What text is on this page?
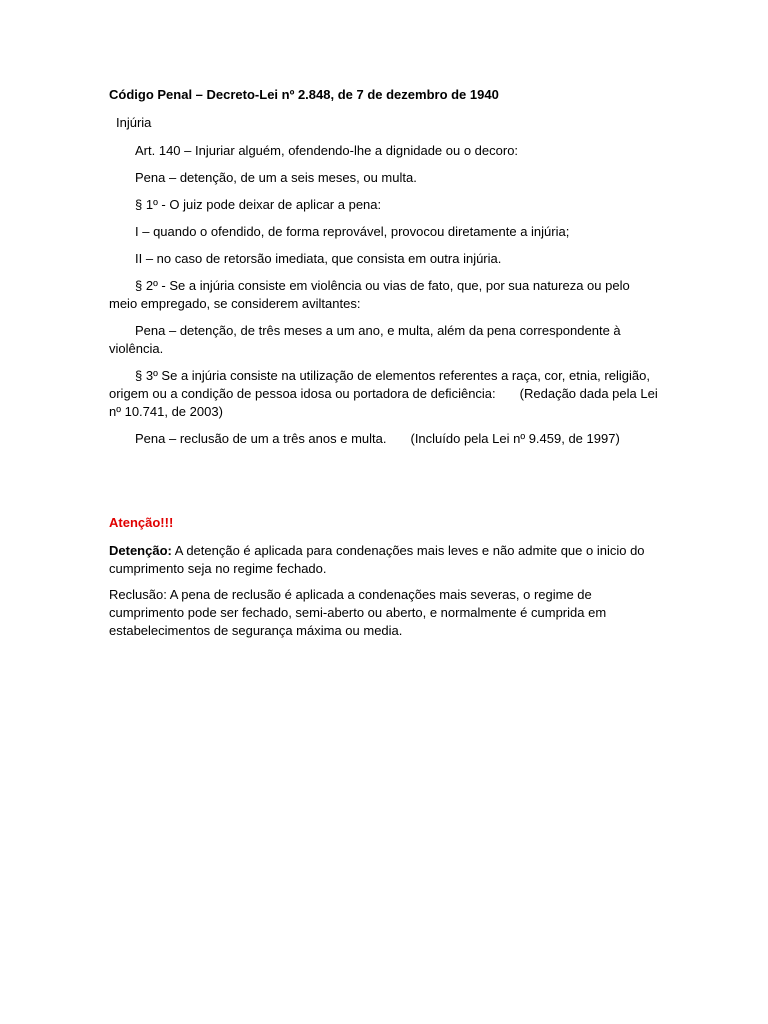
Código Penal – Decreto-Lei nº 2.848, de 7 de dezembro de 1940
Injúria
Art. 140 – Injuriar alguém, ofendendo-lhe a dignidade ou o decoro:
Pena – detenção, de um a seis meses, ou multa.
§ 1º - O juiz pode deixar de aplicar a pena:
I – quando o ofendido, de forma reprovável, provocou diretamente a injúria;
II – no caso de retorsão imediata, que consista em outra injúria.
§ 2º - Se a injúria consiste em violência ou vias de fato, que, por sua natureza ou pelo meio empregado, se considerem aviltantes:
Pena – detenção, de três meses a um ano, e multa, além da pena correspondente à violência.
§ 3º Se a injúria consiste na utilização de elementos referentes a raça, cor, etnia, religião, origem ou a condição de pessoa idosa ou portadora de deficiência: (Redação dada pela Lei nº 10.741, de 2003)
Pena – reclusão de um a três anos e multa. (Incluído pela Lei nº 9.459, de 1997)
Atenção!!!
Detenção: A detenção é aplicada para condenações mais leves e não admite que o inicio do cumprimento seja no regime fechado.
Reclusão: A pena de reclusão é aplicada a condenações mais severas, o regime de cumprimento pode ser fechado, semi-aberto ou aberto, e normalmente é cumprida em estabelecimentos de segurança máxima ou media.
